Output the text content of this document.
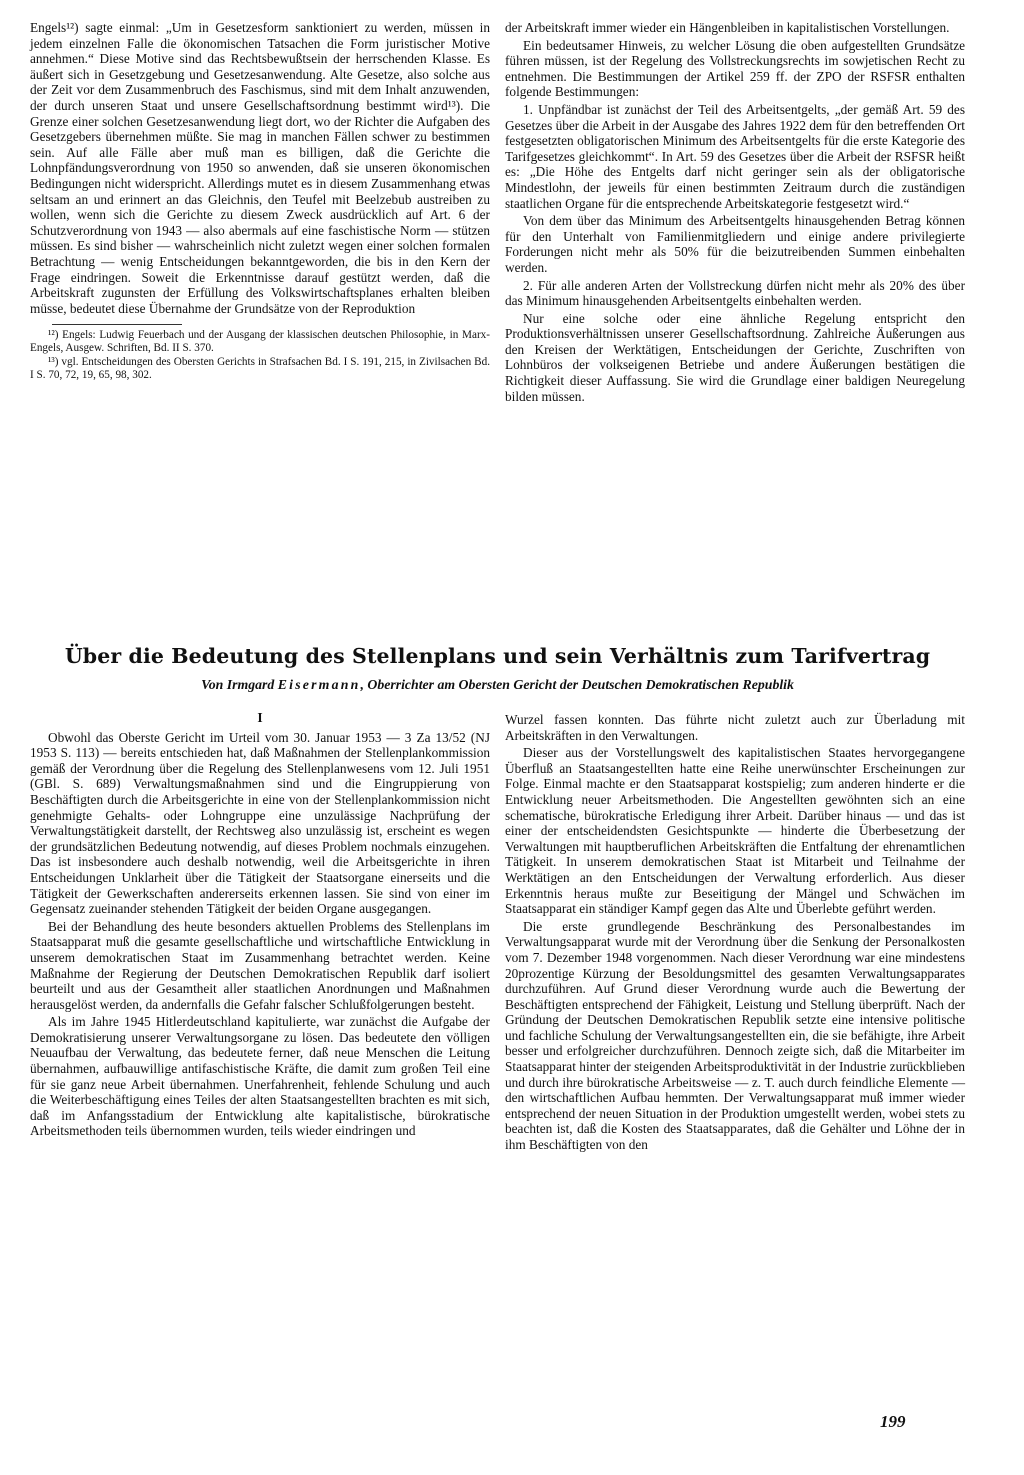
Engels¹²) sagte einmal: „Um in Gesetzesform sanktioniert zu werden, müssen in jedem einzelnen Falle die ökonomischen Tatsachen die Form juristischer Motive annehmen.“ Diese Motive sind das Rechtsbewußtsein der herrschenden Klasse. Es äußert sich in Gesetzgebung und Gesetzesanwendung. Alte Gesetze, also solche aus der Zeit vor dem Zusammenbruch des Faschismus, sind mit dem Inhalt anzuwenden, der durch unseren Staat und unsere Gesellschaftsordnung bestimmt wird¹³). Die Grenze einer solchen Gesetzesanwendung liegt dort, wo der Richter die Aufgaben des Gesetzgebers übernehmen müßte. Sie mag in manchen Fällen schwer zu bestimmen sein. Auf alle Fälle aber muß man es billigen, daß die Gerichte die Lohnpfändungsverordnung von 1950 so anwenden, daß sie unseren ökonomischen Bedingungen nicht widerspricht. Allerdings mutet es in diesem Zusammenhang etwas seltsam an und erinnert an das Gleichnis, den Teufel mit Beelzebub austreiben zu wollen, wenn sich die Gerichte zu diesem Zweck ausdrücklich auf Art. 6 der Schutzverordnung von 1943 — also abermals auf eine faschistische Norm — stützen müssen. Es sind bisher — wahrscheinlich nicht zuletzt wegen einer solchen formalen Betrachtung — wenig Entscheidungen bekanntgeworden, die bis in den Kern der Frage eindringen. Soweit die Erkenntnisse darauf gestützt werden, daß die Arbeitskraft zugunsten der Erfüllung des Volkswirtschaftsplanes erhalten bleiben müsse, bedeutet diese Übernahme der Grundsätze von der Reproduktion

¹²) Engels: Ludwig Feuerbach und der Ausgang der klassischen deutschen Philosophie, in Marx-Engels, Ausgew. Schriften, Bd. II S. 370.

¹³) vgl. Entscheidungen des Obersten Gerichts in Strafsachen Bd. I S. 191, 215, in Zivilsachen Bd. I S. 70, 72, 19, 65, 98, 302.

der Arbeitskraft immer wieder ein Hängenbleiben in kapitalistischen Vorstellungen.

Ein bedeutsamer Hinweis, zu welcher Lösung die oben aufgestellten Grundsätze führen müssen, ist der Regelung des Vollstreckungsrechts im sowjetischen Recht zu entnehmen. Die Bestimmungen der Artikel 259 ff. der ZPO der RSFSR enthalten folgende Bestimmungen:

1. Unpfändbar ist zunächst der Teil des Arbeitsentgelts, „der gemäß Art. 59 des Gesetzes über die Arbeit in der Ausgabe des Jahres 1922 dem für den betreffenden Ort festgesetzten obligatorischen Minimum des Arbeitsentgelts für die erste Kategorie des Tarifgesetzes gleichkommt“. In Art. 59 des Gesetzes über die Arbeit der RSFSR heißt es: „Die Höhe des Entgelts darf nicht geringer sein als der obligatorische Mindestlohn, der jeweils für einen bestimmten Zeitraum durch die zuständigen staatlichen Organe für die entsprechende Arbeitskategorie festgesetzt wird.“

Von dem über das Minimum des Arbeitsentgelts hinausgehenden Betrag können für den Unterhalt von Familienmitgliedern und einige andere privilegierte Forderungen nicht mehr als 50% für die beizutreibenden Summen einbehalten werden.

2. Für alle anderen Arten der Vollstreckung dürfen nicht mehr als 20% des über das Minimum hinausgehenden Arbeitsentgelts einbehalten werden.

Nur eine solche oder eine ähnliche Regelung entspricht den Produktionsverhältnissen unserer Gesellschaftsordnung. Zahlreiche Äußerungen aus den Kreisen der Werktätigen, Entscheidungen der Gerichte, Zuschriften von Lohnbüros der volkseigenen Betriebe und andere Äußerungen bestätigen die Richtigkeit dieser Auffassung. Sie wird die Grundlage einer baldigen Neuregelung bilden müssen.

Über die Bedeutung des Stellenplans und sein Verhältnis zum Tarifvertrag
Von Irmgard Eisermann, Oberrichter am Obersten Gericht der Deutschen Demokratischen Republik
I

Obwohl das Oberste Gericht im Urteil vom 30. Januar 1953 — 3 Za 13/52 (NJ 1953 S. 113) — bereits entschieden hat, daß Maßnahmen der Stellenplankommission gemäß der Verordnung über die Regelung des Stellenplanwesens vom 12. Juli 1951 (GBl. S. 689) Verwaltungsmaßnahmen sind und die Eingruppierung von Beschäftigten durch die Arbeitsgerichte in eine von der Stellenplankommission nicht genehmigte Gehalts- oder Lohngruppe eine unzulässige Nachprüfung der Verwaltungstätigkeit darstellt, der Rechtsweg also unzulässig ist, erscheint es wegen der grundsätzlichen Bedeutung notwendig, auf dieses Problem nochmals einzugehen. Das ist insbesondere auch deshalb notwendig, weil die Arbeitsgerichte in ihren Entscheidungen Unklarheit über die Tätigkeit der Staatsorgane einerseits und die Tätigkeit der Gewerkschaften andererseits erkennen lassen. Sie sind von einer im Gegensatz zueinander stehenden Tätigkeit der beiden Organe ausgegangen.

Bei der Behandlung des heute besonders aktuellen Problems des Stellenplans im Staatsapparat muß die gesamte gesellschaftliche und wirtschaftliche Entwicklung in unserem demokratischen Staat im Zusammenhang betrachtet werden. Keine Maßnahme der Regierung der Deutschen Demokratischen Republik darf isoliert beurteilt und aus der Gesamtheit aller staatlichen Anordnungen und Maßnahmen herausgelöst werden, da andernfalls die Gefahr falscher Schlußfolgerungen besteht.

Als im Jahre 1945 Hitlerdeutschland kapitulierte, war zunächst die Aufgabe der Demokratisierung unserer Verwaltungsorgane zu lösen. Das bedeutete den völligen Neuaufbau der Verwaltung, das bedeutete ferner, daß neue Menschen die Leitung übernahmen, aufbauwillige antifaschistische Kräfte, die damit zum großen Teil eine für sie ganz neue Arbeit übernahmen. Unerfahrenheit, fehlende Schulung und auch die Weiterbeschäftigung eines Teiles der alten Staatsangestellten brachten es mit sich, daß im Anfangsstadium der Entwicklung alte kapitalistische, bürokratische Arbeitsmethoden teils übernommen wurden, teils wieder eindringen und

Wurzel fassen konnten. Das führte nicht zuletzt auch zur Überladung mit Arbeitskräften in den Verwaltungen.

Dieser aus der Vorstellungswelt des kapitalistischen Staates hervorgegangene Überfluß an Staatsangestellten hatte eine Reihe unerwünschter Erscheinungen zur Folge. Einmal machte er den Staatsapparat kostspielig; zum anderen hinderte er die Entwicklung neuer Arbeitsmethoden. Die Angestellten gewöhnten sich an eine schematische, bürokratische Erledigung ihrer Arbeit. Darüber hinaus — und das ist einer der entscheidendsten Gesichtspunkte — hinderte die Überbesetzung der Verwaltungen mit hauptberuflichen Arbeitskräften die Entfaltung der ehrenamtlichen Tätigkeit. In unserem demokratischen Staat ist Mitarbeit und Teilnahme der Werktätigen an den Entscheidungen der Verwaltung erforderlich. Aus dieser Erkenntnis heraus mußte zur Beseitigung der Mängel und Schwächen im Staatsapparat ein ständiger Kampf gegen das Alte und Überlebte geführt werden.

Die erste grundlegende Beschränkung des Personalbestandes im Verwaltungsapparat wurde mit der Verordnung über die Senkung der Personalkosten vom 7. Dezember 1948 vorgenommen. Nach dieser Verordnung war eine mindestens 20prozentige Kürzung der Besoldungsmittel des gesamten Verwaltungsapparates durchzuführen. Auf Grund dieser Verordnung wurde auch die Bewertung der Beschäftigten entsprechend der Fähigkeit, Leistung und Stellung überprüft. Nach der Gründung der Deutschen Demokratischen Republik setzte eine intensive politische und fachliche Schulung der Verwaltungsangestellten ein, die sie befähigte, ihre Arbeit besser und erfolgreicher durchzuführen. Dennoch zeigte sich, daß die Mitarbeiter im Staatsapparat hinter der steigenden Arbeitsproduktivität in der Industrie zurückblieben und durch ihre bürokratische Arbeitsweise — z. T. auch durch feindliche Elemente — den wirtschaftlichen Aufbau hemmten. Der Verwaltungsapparat muß immer wieder entsprechend der neuen Situation in der Produktion umgestellt werden, wobei stets zu beachten ist, daß die Kosten des Staatsapparates, daß die Gehälter und Löhne der in ihm Beschäftigten von den

199
